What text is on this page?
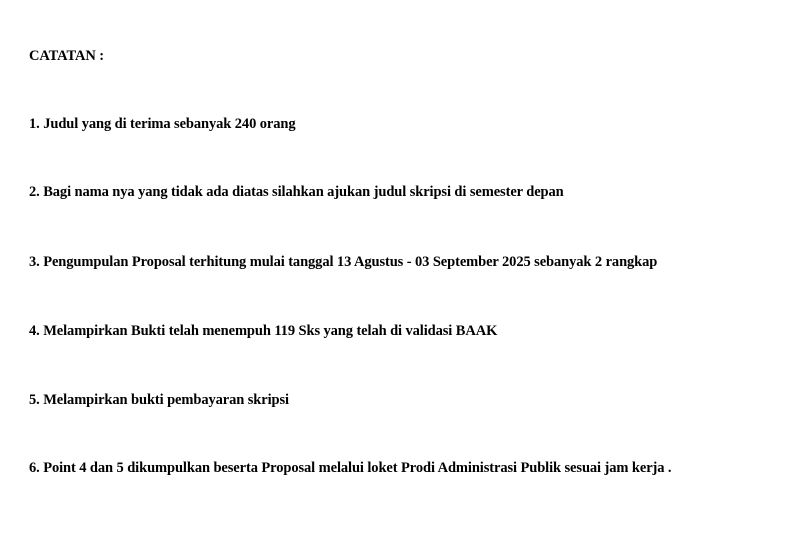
CATATAN :

1. Judul yang di terima sebanyak 240 orang

2. Bagi nama nya yang tidak ada diatas silahkan ajukan judul skripsi di semester depan

3. Pengumpulan Proposal terhitung mulai tanggal 13 Agustus - 03 September 2025 sebanyak 2 rangkap

4. Melampirkan Bukti telah menempuh 119 Sks yang telah di validasi BAAK

5. Melampirkan bukti pembayaran skripsi

6. Point 4 dan 5 dikumpulkan beserta Proposal melalui loket Prodi Administrasi Publik sesuai jam kerja .
